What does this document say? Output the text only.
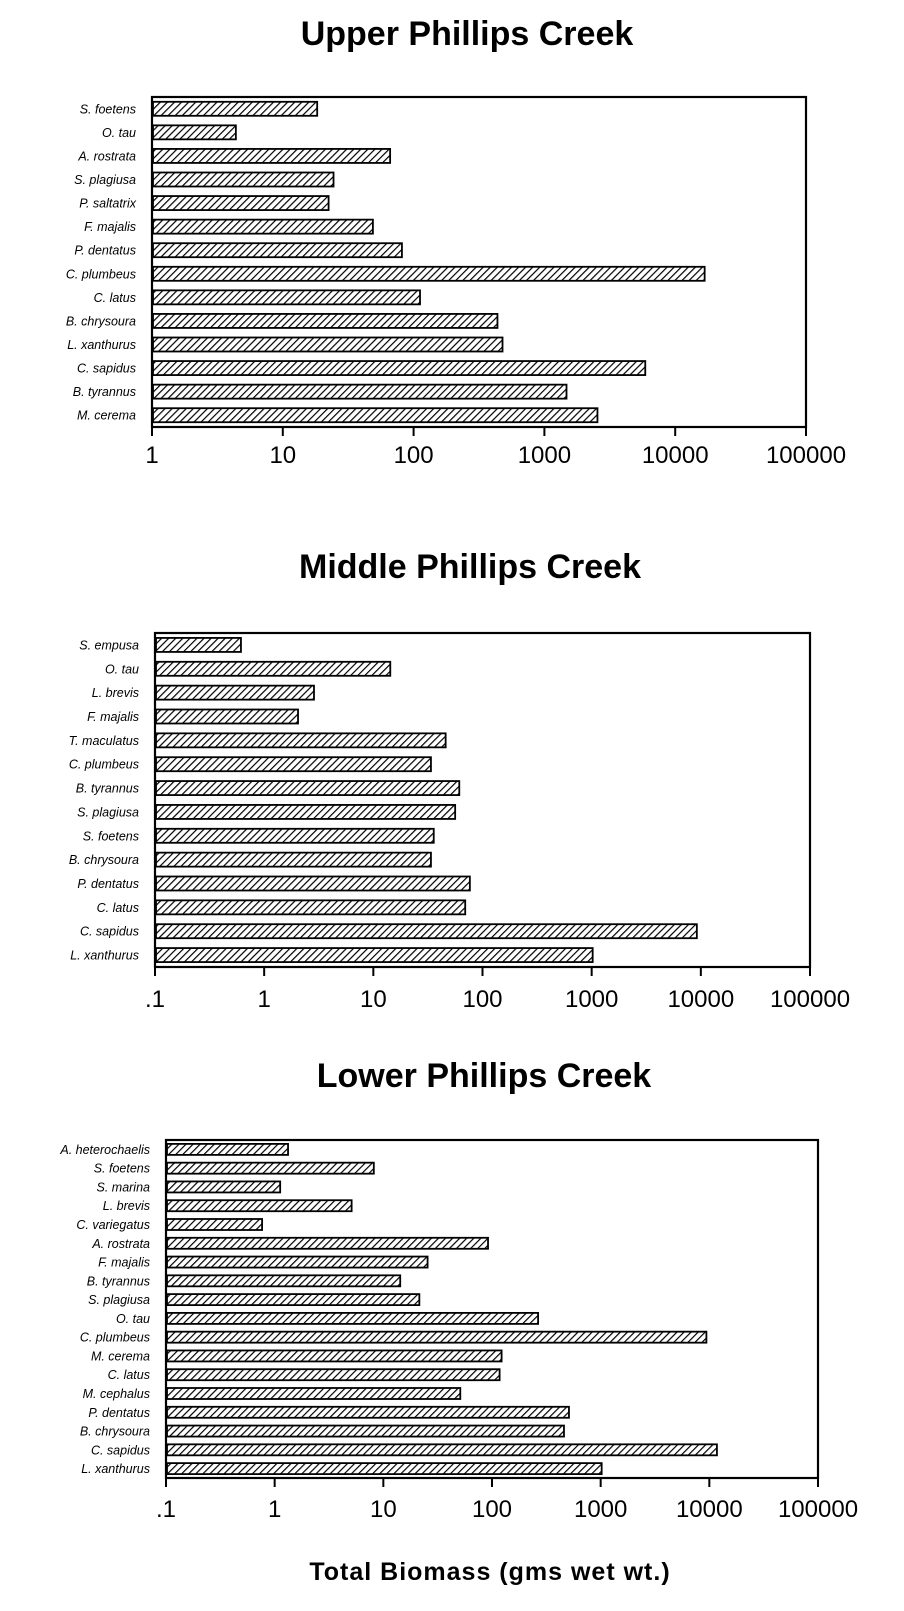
Upper Phillips Creek
S. foetens
O. tau
A. rostrata
S. plagiusa
P. saltatrix
F. majalis
P. dentatus
C. plumbeus
C. latus
B. chrysoura
L. xanthurus
C. sapidus
B. tyrannus
M. cerema
1	10	100	1000	10000 100000
Middle Phillips Creek
S. empusa
O. tau
L. brevis
F. majalis
T. maculatus
C. plumbeus
B. tyrannus
S. plagiusa
S. foetens
B. chrysoura
P. dentatus
C. latus
C. sapidus
L. xanthurus
.1	1	10	100	1000 10000 100000
Lower Phillips Creek
A. heterochaelis
S. foetens
S. marina
L. brevis
C. variegatus
A. rostrata
F. majalis
B. tyrannus
S. plagiusa
O. tau
C. plumbeus
M. cerema
C. latus
M. cephalus
P. dentatus
B. chrysoura
C. sapidus
L. xanthurus
.1	1	10	100	1000 10000 100000
Total Biomass (gms wet wt.)
